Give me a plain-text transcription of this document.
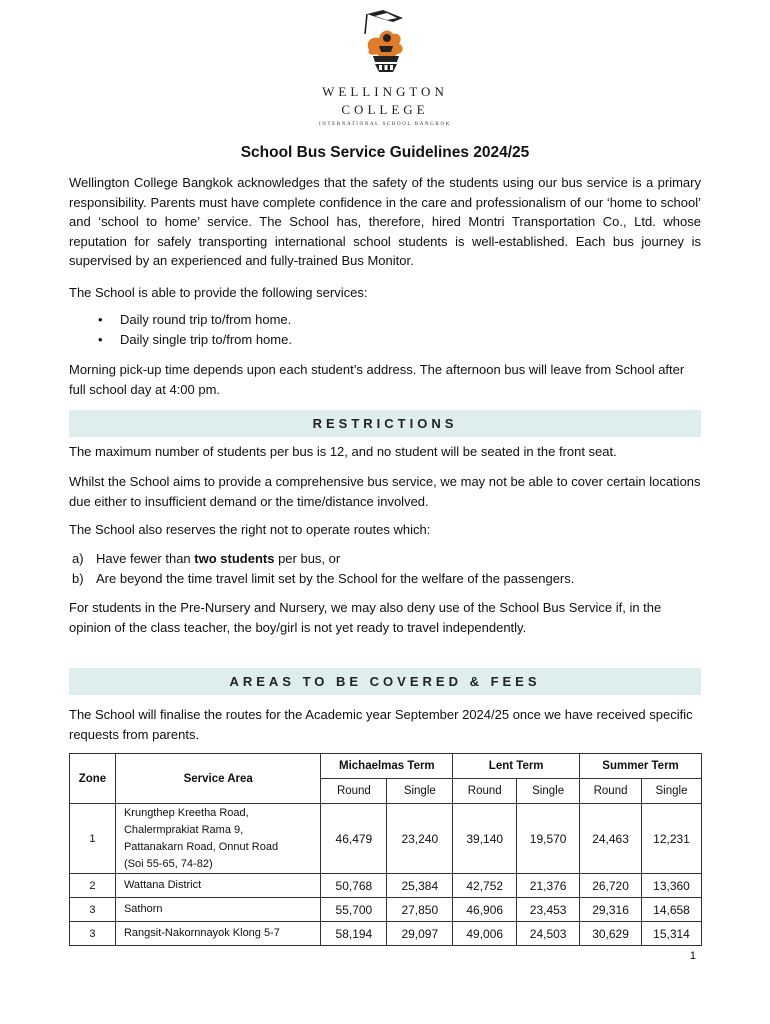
WELLINGTON
COLLEGE
INTERNATIONAL SCHOOL BANGKOK
School Bus Service Guidelines 2024/25

Wellington College Bangkok acknowledges that the safety of the students using our bus service is a primary responsibility. Parents must have complete confidence in the care and professionalism of our ‘home to school’ and ‘school to home’ service. The School has, therefore, hired Montri Transportation Co., Ltd. whose reputation for safely transporting international school students is well-established. Each bus journey is supervised by an experienced and fully-trained Bus Monitor.

The School is able to provide the following services:

• Daily round trip to/from home.
• Daily single trip to/from home.

Morning pick-up time depends upon each student’s address. The afternoon bus will leave from School after full school day at 4:00 pm.

RESTRICTIONS

The maximum number of students per bus is 12, and no student will be seated in the front seat.

Whilst the School aims to provide a comprehensive bus service, we may not be able to cover certain locations due either to insufficient demand or the time/distance involved.

The School also reserves the right not to operate routes which:

a) Have fewer than two students per bus, or
b) Are beyond the time travel limit set by the School for the welfare of the passengers.

For students in the Pre-Nursery and Nursery, we may also deny use of the School Bus Service if, in the opinion of the class teacher, the boy/girl is not yet ready to travel independently.

AREAS TO BE COVERED & FEES

The School will finalise the routes for the Academic year September 2024/25 once we have received specific requests from parents.

Zone	Service Area	Michaelmas Term		Lent Term		Summer Term	
		Round	Single	Round	Single	Round	Single
1	Krungthep Kreetha Road,
Chalermprakiat Rama 9,
Pattanakarn Road, Onnut Road
(Soi 55-65, 74-82)	46,479	23,240	39,140	19,570	24,463	12,231
2	Wattana District	50,768	25,384	42,752	21,376	26,720	13,360
3	Sathorn	55,700	27,850	46,906	23,453	29,316	14,658
3	Rangsit-Nakornnayok Klong 5-7	58,194	29,097	49,006	24,503	30,629	15,314
1
